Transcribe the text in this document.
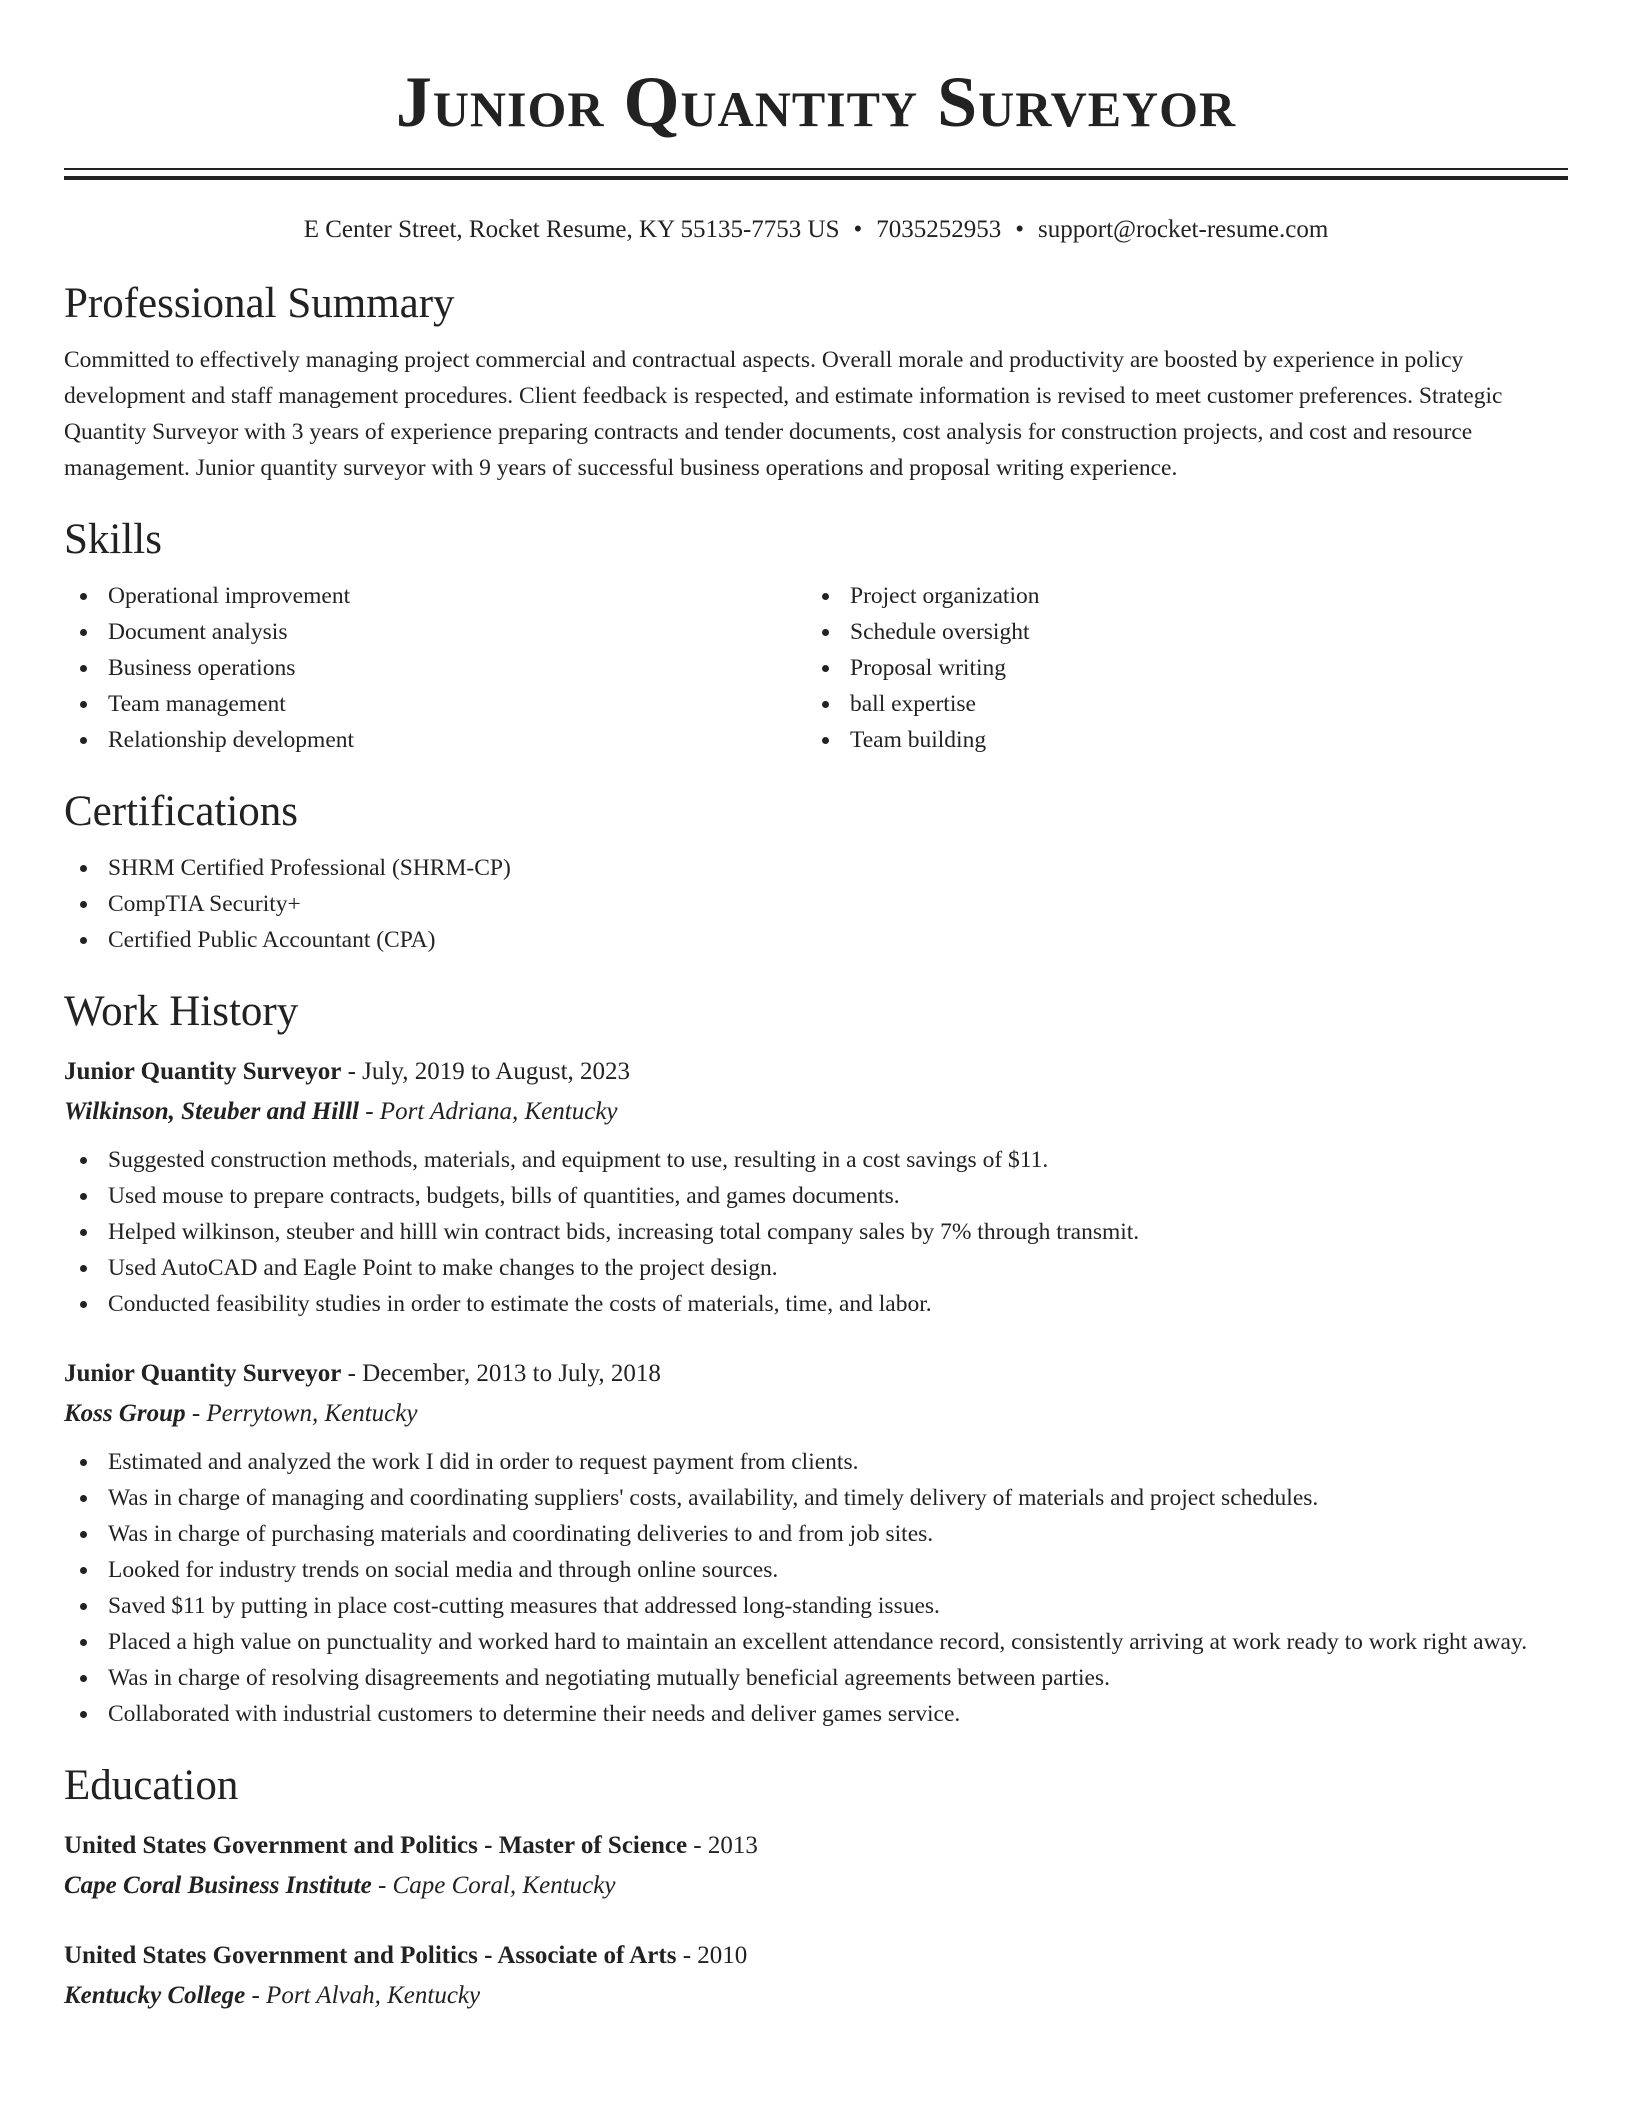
Junior Quantity Surveyor
E Center Street, Rocket Resume, KY 55135-7753 US • 7035252953 • support@rocket-resume.com
Professional Summary

Committed to effectively managing project commercial and contractual aspects. Overall morale and productivity are boosted by experience in policy development and staff management procedures. Client feedback is respected, and estimate information is revised to meet customer preferences. Strategic Quantity Surveyor with 3 years of experience preparing contracts and tender documents, cost analysis for construction projects, and cost and resource management. Junior quantity surveyor with 9 years of successful business operations and proposal writing experience.

Skills
Operational improvement
Document analysis
Business operations
Team management
Relationship development
Project organization
Schedule oversight
Proposal writing
ball expertise
Team building
Certifications
SHRM Certified Professional (SHRM-CP)
CompTIA Security+
Certified Public Accountant (CPA)
Work History
Junior Quantity Surveyor - July, 2019 to August, 2023
Wilkinson, Steuber and Hilll - Port Adriana, Kentucky
Suggested construction methods, materials, and equipment to use, resulting in a cost savings of $11.
Used mouse to prepare contracts, budgets, bills of quantities, and games documents.
Helped wilkinson, steuber and hilll win contract bids, increasing total company sales by 7% through transmit.
Used AutoCAD and Eagle Point to make changes to the project design.
Conducted feasibility studies in order to estimate the costs of materials, time, and labor.
Junior Quantity Surveyor - December, 2013 to July, 2018
Koss Group - Perrytown, Kentucky
Estimated and analyzed the work I did in order to request payment from clients.
Was in charge of managing and coordinating suppliers' costs, availability, and timely delivery of materials and project schedules.
Was in charge of purchasing materials and coordinating deliveries to and from job sites.
Looked for industry trends on social media and through online sources.
Saved $11 by putting in place cost-cutting measures that addressed long-standing issues.
Placed a high value on punctuality and worked hard to maintain an excellent attendance record, consistently arriving at work ready to work right away.
Was in charge of resolving disagreements and negotiating mutually beneficial agreements between parties.
Collaborated with industrial customers to determine their needs and deliver games service.
Education
United States Government and Politics - Master of Science - 2013
Cape Coral Business Institute - Cape Coral, Kentucky
United States Government and Politics - Associate of Arts - 2010
Kentucky College - Port Alvah, Kentucky
